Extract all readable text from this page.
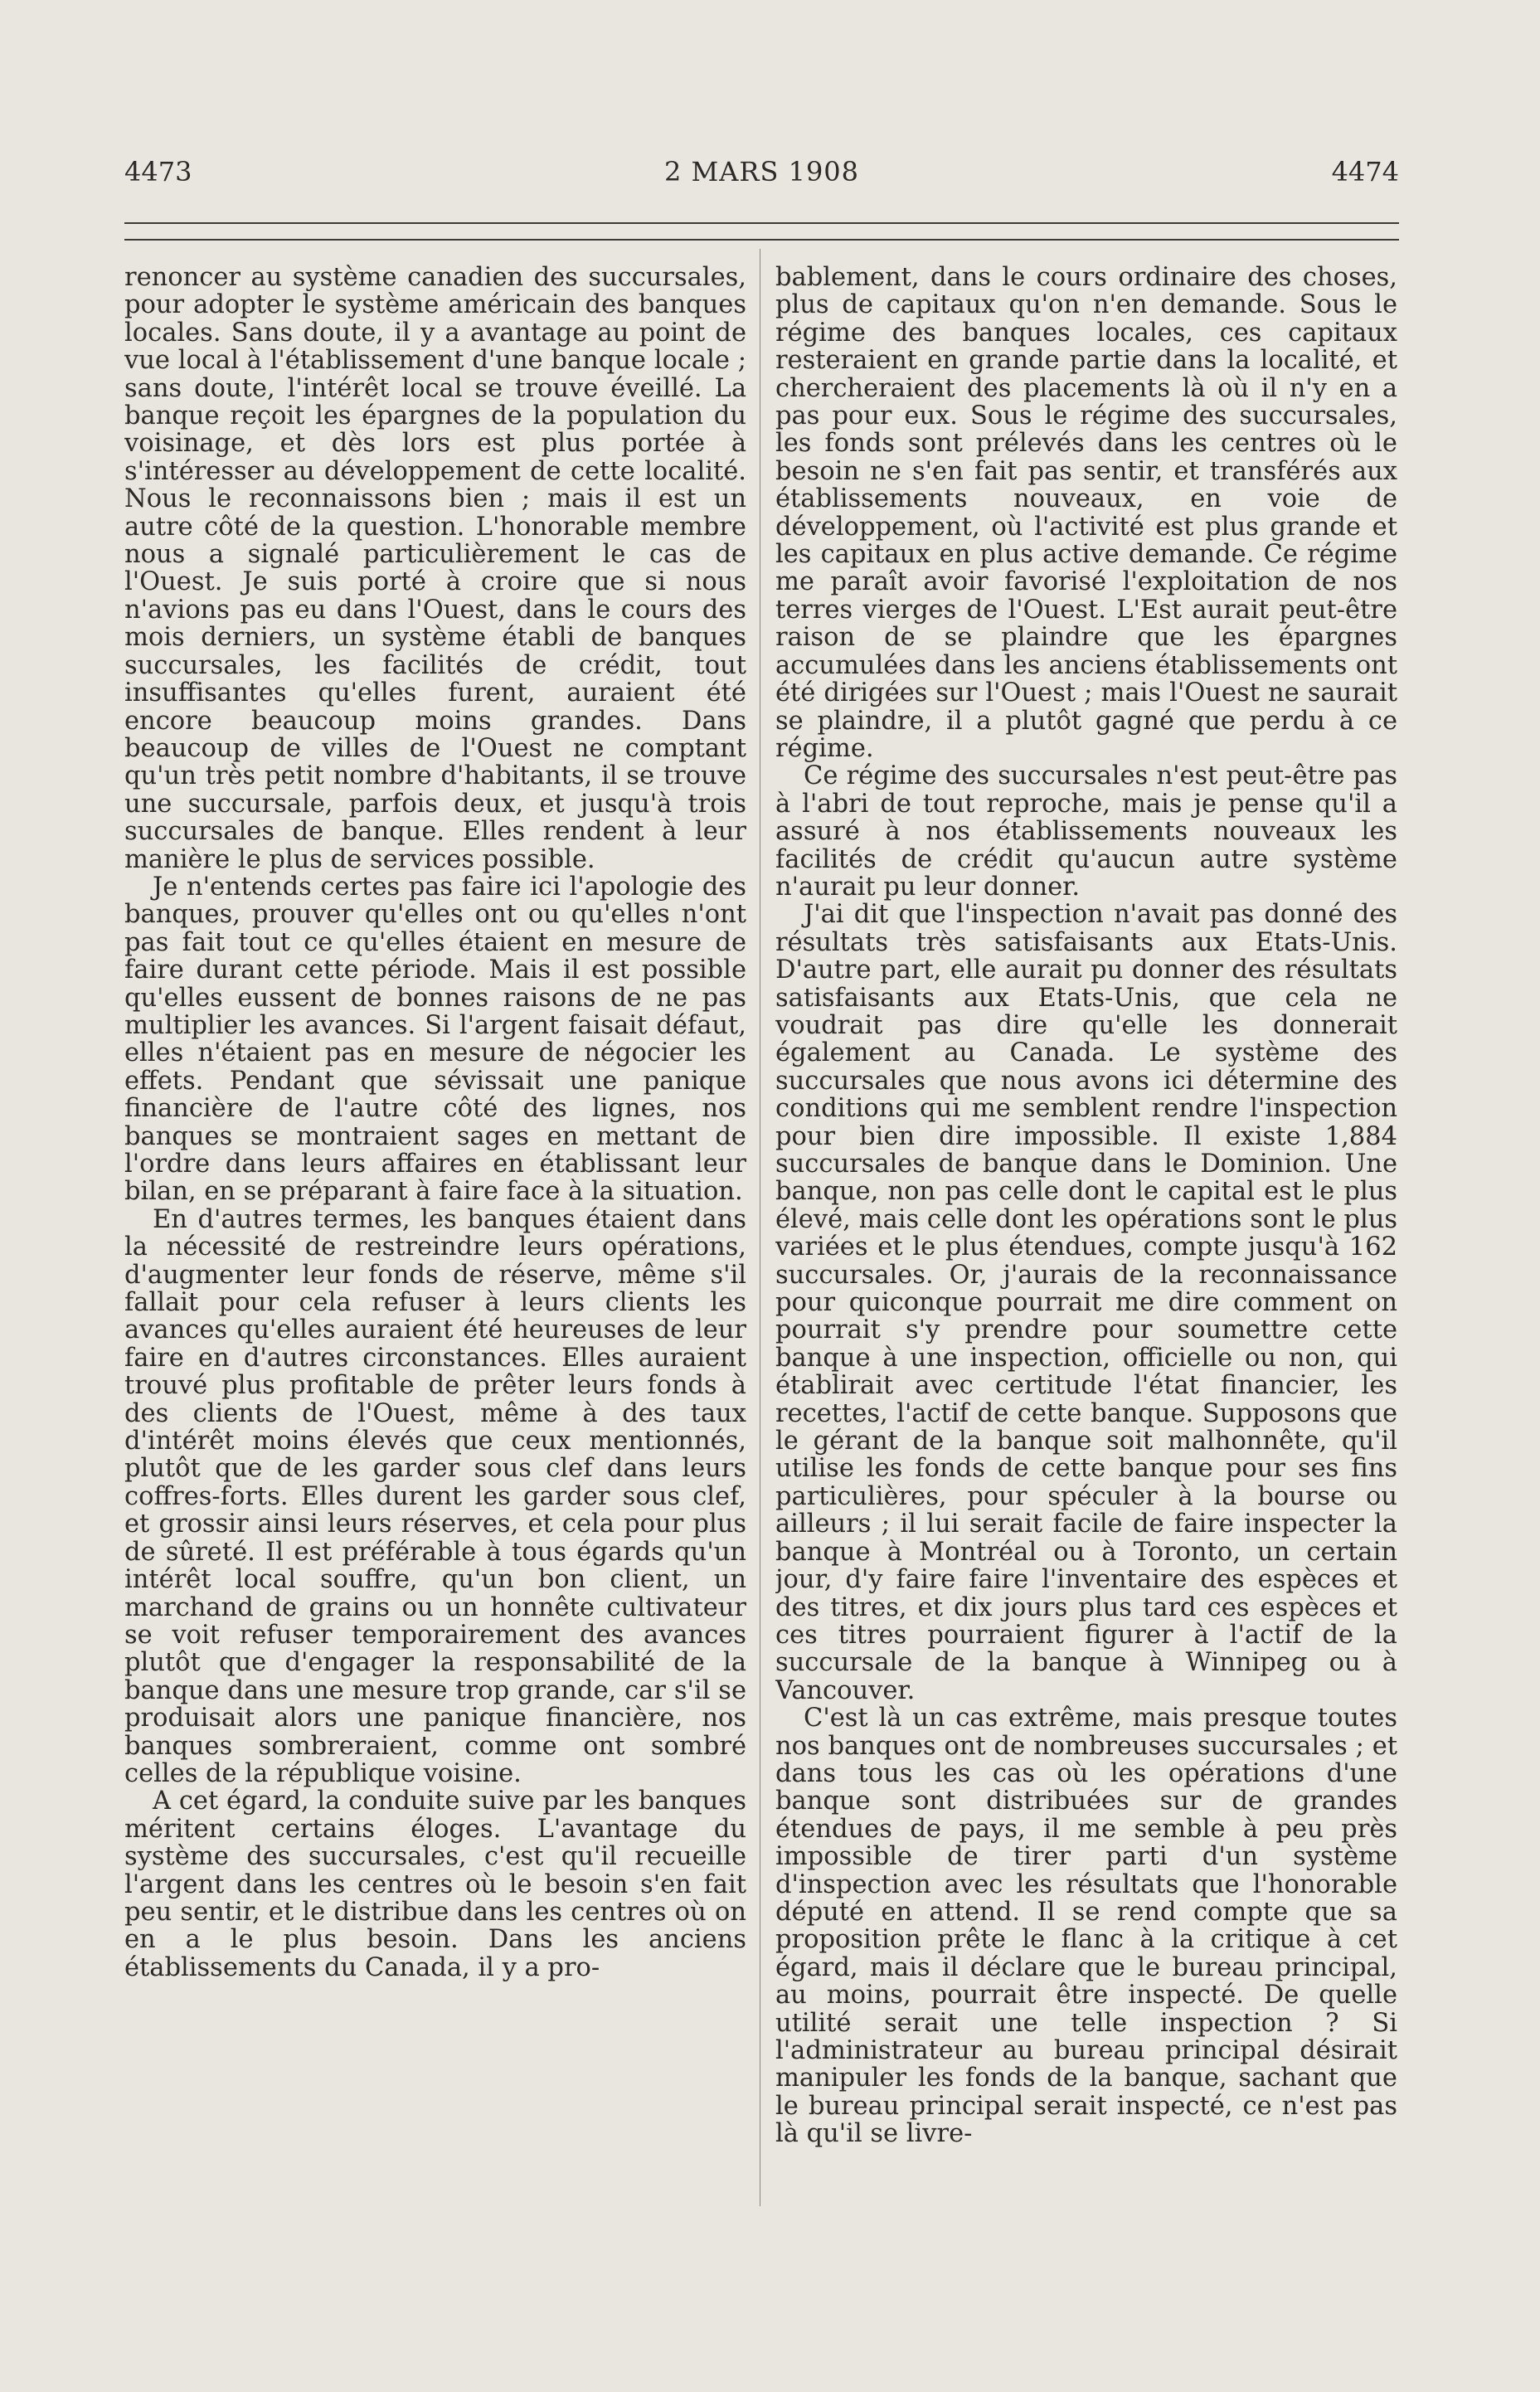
4473	2 MARS 1908	4474

renoncer au système canadien des succursales, pour adopter le système américain des banques locales. Sans doute, il y a avantage au point de vue local à l'établissement d'une banque locale ; sans doute, l'intérêt local se trouve éveillé. La banque reçoit les épargnes de la population du voisinage, et dès lors est plus portée à s'intéresser au développement de cette localité. Nous le reconnaissons bien ; mais il est un autre côté de la question. L'honorable membre nous a signalé particulièrement le cas de l'Ouest. Je suis porté à croire que si nous n'avions pas eu dans l'Ouest, dans le cours des mois derniers, un système établi de banques succursales, les facilités de crédit, tout insuffisantes qu'elles furent, auraient été encore beaucoup moins grandes. Dans beaucoup de villes de l'Ouest ne comptant qu'un très petit nombre d'habitants, il se trouve une succursale, parfois deux, et jusqu'à trois succursales de banque. Elles rendent à leur manière le plus de services possible.

Je n'entends certes pas faire ici l'apologie des banques, prouver qu'elles ont ou qu'elles n'ont pas fait tout ce qu'elles étaient en mesure de faire durant cette période. Mais il est possible qu'elles eussent de bonnes raisons de ne pas multiplier les avances. Si l'argent faisait défaut, elles n'étaient pas en mesure de négocier les effets. Pendant que sévissait une panique financière de l'autre côté des lignes, nos banques se montraient sages en mettant de l'ordre dans leurs affaires en établissant leur bilan, en se préparant à faire face à la situation.

En d'autres termes, les banques étaient dans la nécessité de restreindre leurs opérations, d'augmenter leur fonds de réserve, même s'il fallait pour cela refuser à leurs clients les avances qu'elles auraient été heureuses de leur faire en d'autres circonstances. Elles auraient trouvé plus profitable de prêter leurs fonds à des clients de l'Ouest, même à des taux d'intérêt moins élevés que ceux mentionnés, plutôt que de les garder sous clef dans leurs coffres-forts. Elles durent les garder sous clef, et grossir ainsi leurs réserves, et cela pour plus de sûreté. Il est préférable à tous égards qu'un intérêt local souffre, qu'un bon client, un marchand de grains ou un honnête cultivateur se voit refuser temporairement des avances plutôt que d'engager la responsabilité de la banque dans une mesure trop grande, car s'il se produisait alors une panique financière, nos banques sombreraient, comme ont sombré celles de la république voisine.

A cet égard, la conduite suive par les banques méritent certains éloges. L'avantage du système des succursales, c'est qu'il recueille l'argent dans les centres où le besoin s'en fait peu sentir, et le distribue dans les centres où on en a le plus besoin. Dans les anciens établissements du Canada, il y a pro-

bablement, dans le cours ordinaire des choses, plus de capitaux qu'on n'en demande. Sous le régime des banques locales, ces capitaux resteraient en grande partie dans la localité, et chercheraient des placements là où il n'y en a pas pour eux. Sous le régime des succursales, les fonds sont prélevés dans les centres où le besoin ne s'en fait pas sentir, et transférés aux établissements nouveaux, en voie de développement, où l'activité est plus grande et les capitaux en plus active demande. Ce régime me paraît avoir favorisé l'exploitation de nos terres vierges de l'Ouest. L'Est aurait peut-être raison de se plaindre que les épargnes accumulées dans les anciens établissements ont été dirigées sur l'Ouest ; mais l'Ouest ne saurait se plaindre, il a plutôt gagné que perdu à ce régime.

Ce régime des succursales n'est peut-être pas à l'abri de tout reproche, mais je pense qu'il a assuré à nos établissements nouveaux les facilités de crédit qu'aucun autre système n'aurait pu leur donner.

J'ai dit que l'inspection n'avait pas donné des résultats très satisfaisants aux Etats-Unis. D'autre part, elle aurait pu donner des résultats satisfaisants aux Etats-Unis, que cela ne voudrait pas dire qu'elle les donnerait également au Canada. Le système des succursales que nous avons ici détermine des conditions qui me semblent rendre l'inspection pour bien dire impossible. Il existe 1,884 succursales de banque dans le Dominion. Une banque, non pas celle dont le capital est le plus élevé, mais celle dont les opérations sont le plus variées et le plus étendues, compte jusqu'à 162 succursales. Or, j'aurais de la reconnaissance pour quiconque pourrait me dire comment on pourrait s'y prendre pour soumettre cette banque à une inspection, officielle ou non, qui établirait avec certitude l'état financier, les recettes, l'actif de cette banque. Supposons que le gérant de la banque soit malhonnête, qu'il utilise les fonds de cette banque pour ses fins particulières, pour spéculer à la bourse ou ailleurs ; il lui serait facile de faire inspecter la banque à Montréal ou à Toronto, un certain jour, d'y faire faire l'inventaire des espèces et des titres, et dix jours plus tard ces espèces et ces titres pourraient figurer à l'actif de la succursale de la banque à Winnipeg ou à Vancouver.

C'est là un cas extrême, mais presque toutes nos banques ont de nombreuses succursales ; et dans tous les cas où les opérations d'une banque sont distribuées sur de grandes étendues de pays, il me semble à peu près impossible de tirer parti d'un système d'inspection avec les résultats que l'honorable député en attend. Il se rend compte que sa proposition prête le flanc à la critique à cet égard, mais il déclare que le bureau principal, au moins, pourrait être inspecté. De quelle utilité serait une telle inspection ? Si l'administrateur au bureau principal désirait manipuler les fonds de la banque, sachant que le bureau principal serait inspecté, ce n'est pas là qu'il se livre-
